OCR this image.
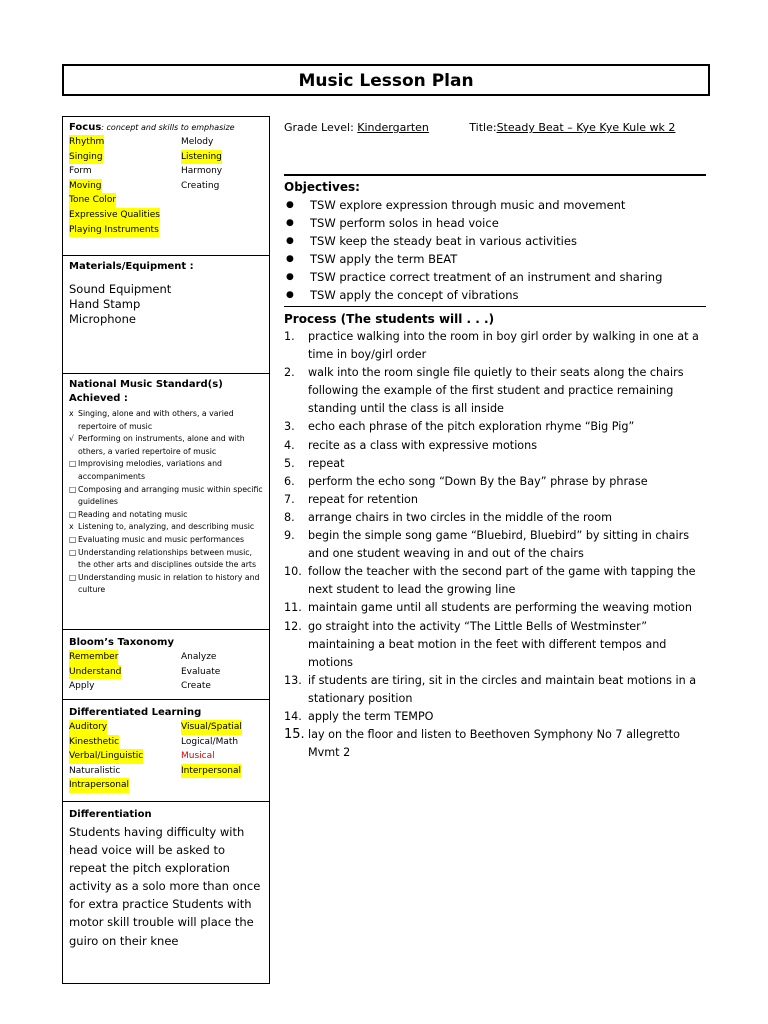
Music Lesson Plan
Focus: concept and skills to emphasize
Rhythm	Melody
Singing	Listening
Form	Harmony
Moving	Creating
Tone Color
Expressive Qualities
Playing Instruments
Materials/Equipment :
Sound Equipment
Hand Stamp
Microphone
National Music Standard(s)
Achieved :
x Singing, alone and with others, a varied repertoire of music
√ Performing on instruments, alone and with others, a varied repertoire of music
□ Improvising melodies, variations and accompaniments
□ Composing and arranging music within specific guidelines
□ Reading and notating music
x Listening to, analyzing, and describing music
□ Evaluating music and music performances
□ Understanding relationships between music, the other arts and disciplines outside the arts
□ Understanding music in relation to history and culture
Bloom’s Taxonomy
Remember	Analyze
Understand	Evaluate
Apply	Create
Differentiated Learning
Auditory	Visual/Spatial
Kinesthetic	Logical/Math
Verbal/Linguistic	Musical
Naturalistic	Interpersonal
Intrapersonal
Differentiation
Students having difficulty with head voice will be asked to repeat the pitch exploration activity as a solo more than once for extra practice Students with motor skill trouble will place the guiro on their knee
Grade Level: Kindergarten	Title:Steady Beat – Kye Kye Kule wk 2
Objectives:
●	TSW explore expression through music and movement
●	TSW perform solos in head voice
●	TSW keep the steady beat in various activities
●	TSW apply the term BEAT
●	TSW practice correct treatment of an instrument and sharing
●	TSW apply the concept of vibrations
Process (The students will . . .)
1.	practice walking into the room in boy girl order by walking in one at a time in boy/girl order
2.	walk into the room single file quietly to their seats along the chairs following the example of the first student and practice remaining standing until the class is all inside
3.	echo each phrase of the pitch exploration rhyme “Big Pig”
4.	recite as a class with expressive motions
5.	repeat
6.	perform the echo song “Down By the Bay” phrase by phrase
7.	repeat for retention
8.	arrange chairs in two circles in the middle of the room
9.	begin the simple song game “Bluebird, Bluebird” by sitting in chairs and one student weaving in and out of the chairs
10. follow the teacher with the second part of the game with tapping the next student to lead the growing line
11. maintain game until all students are performing the weaving motion
12. go straight into the activity “The Little Bells of Westminster” maintaining a beat motion in the feet with different tempos and motions
13. if students are tiring, sit in the circles and maintain beat motions in a stationary position
14. apply the term TEMPO
15. lay on the floor and listen to Beethoven Symphony No 7 allegretto Mvmt 2
